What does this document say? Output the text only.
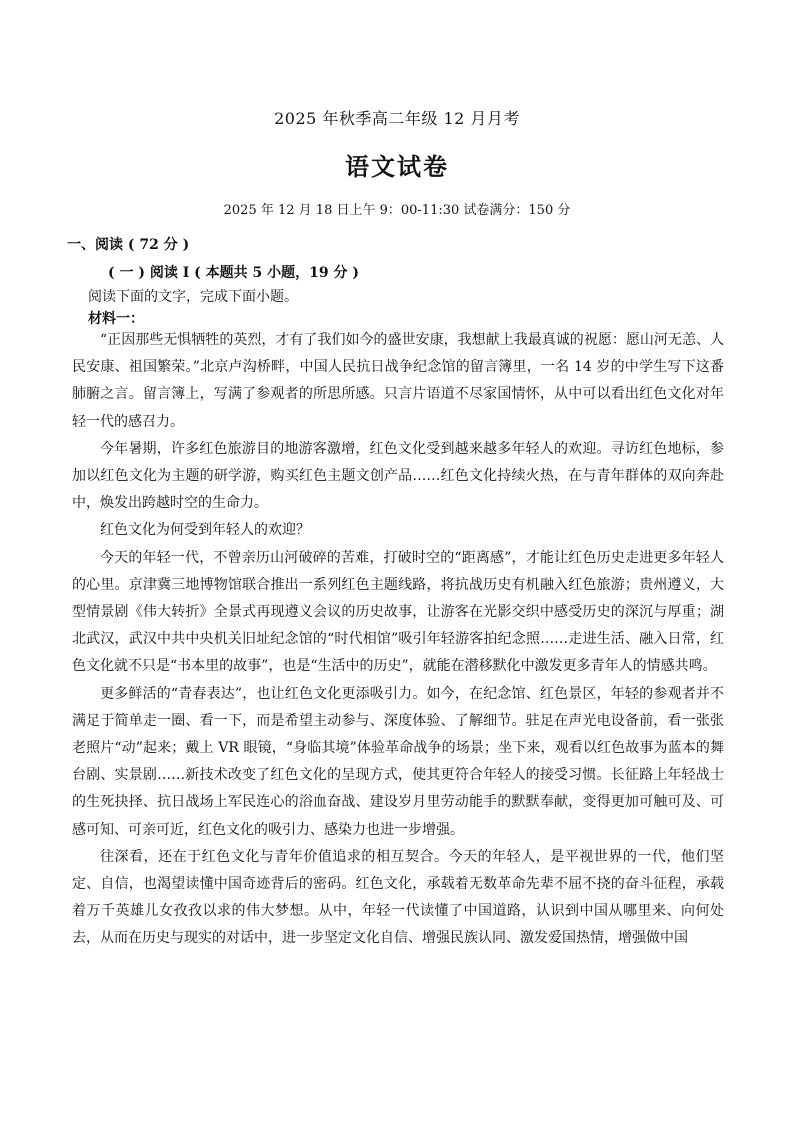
2025 年秋季高二年级 12 月月考
语文试卷
2025 年 12 月 18 日上午 9：00-11:30 试卷满分：150 分
一、阅读 ( 72 分 )
( 一 ) 阅读 I ( 本题共 5 小题，19 分 )
阅读下面的文字，完成下面小题。
材料一：

“正因那些无惧牺牲的英烈，才有了我们如今的盛世安康，我想献上我最真诚的祝愿：愿山河无恙、人民安康、祖国繁荣。”北京卢沟桥畔，中国人民抗日战争纪念馆的留言簿里，一名 14 岁的中学生写下这番肺腑之言。留言簿上，写满了参观者的所思所感。只言片语道不尽家国情怀，从中可以看出红色文化对年轻一代的感召力。

今年暑期，许多红色旅游目的地游客激增，红色文化受到越来越多年轻人的欢迎。寻访红色地标，参加以红色文化为主题的研学游，购买红色主题文创产品……红色文化持续火热，在与青年群体的双向奔赴中，焕发出跨越时空的生命力。

红色文化为何受到年轻人的欢迎？

今天的年轻一代，不曾亲历山河破碎的苦难，打破时空的“距离感”，才能让红色历史走进更多年轻人的心里。京津冀三地博物馆联合推出一系列红色主题线路，将抗战历史有机融入红色旅游；贵州遵义，大型情景剧《伟大转折》全景式再现遵义会议的历史故事，让游客在光影交织中感受历史的深沉与厚重；湖北武汉，武汉中共中央机关旧址纪念馆的“时代相馆”吸引年轻游客拍纪念照……走进生活、融入日常，红色文化就不只是“书本里的故事”，也是“生活中的历史”，就能在潜移默化中激发更多青年人的情感共鸣。

更多鲜活的“青春表达”，也让红色文化更添吸引力。如今，在纪念馆、红色景区，年轻的参观者并不满足于简单走一圈、看一下，而是希望主动参与、深度体验、了解细节。驻足在声光电设备前，看一张张老照片“动”起来；戴上 VR 眼镜，“身临其境”体验革命战争的场景；坐下来，观看以红色故事为蓝本的舞台剧、实景剧……新技术改变了红色文化的呈现方式，使其更符合年轻人的接受习惯。长征路上年轻战士的生死抉择、抗日战场上军民连心的浴血奋战、建设岁月里劳动能手的默默奉献，变得更加可触可及、可感可知、可亲可近，红色文化的吸引力、感染力也进一步增强。

往深看，还在于红色文化与青年价值追求的相互契合。今天的年轻人，是平视世界的一代，他们坚定、自信，也渴望读懂中国奇迹背后的密码。红色文化，承载着无数革命先辈不屈不挠的奋斗征程，承载着万千英雄儿女孜孜以求的伟大梦想。从中，年轻一代读懂了中国道路，认识到中国从哪里来、向何处去，从而在历史与现实的对话中，进一步坚定文化自信、增强民族认同、激发爱国热情，增强做中国
